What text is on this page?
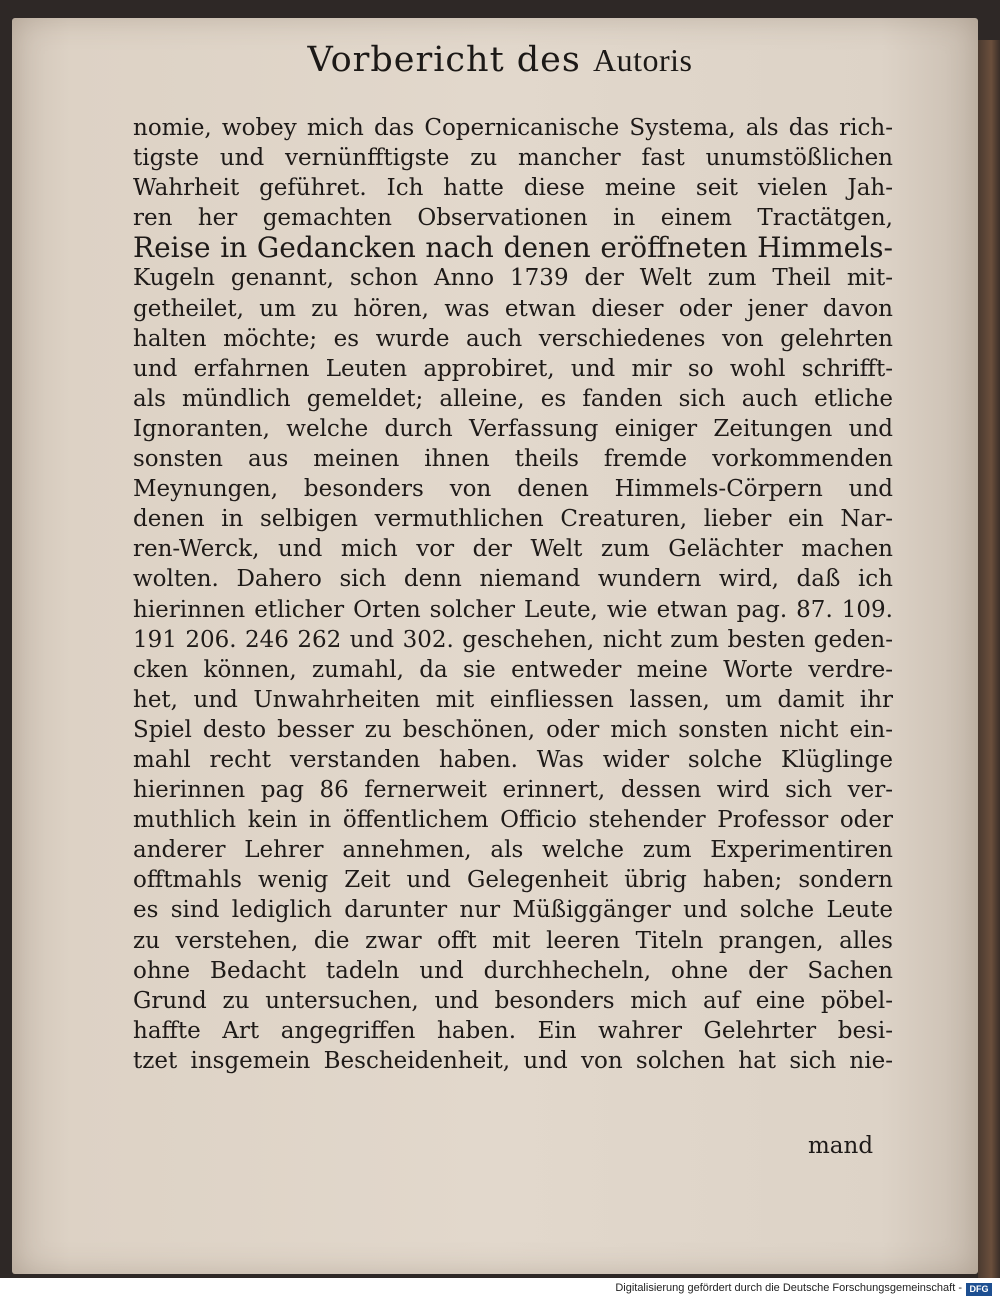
Vorbericht des Autoris
nomie, wobey mich das Copernicanische Systema, als das rich-
tigste und vernünfftigste zu mancher fast unumstößlichen
Wahrheit geführet. Ich hatte diese meine seit vielen Jah-
ren her gemachten Observationen in einem Tractätgen,
Reise in Gedancken nach denen eröffneten Himmels-
Kugeln genannt, schon Anno 1739 der Welt zum Theil mit-
getheilet, um zu hören, was etwan dieser oder jener davon
halten möchte; es wurde auch verschiedenes von gelehrten
und erfahrnen Leuten approbiret, und mir so wohl schrifft-
als mündlich gemeldet; alleine, es fanden sich auch etliche
Ignoranten, welche durch Verfassung einiger Zeitungen und
sonsten aus meinen ihnen theils fremde vorkommenden
Meynungen, besonders von denen Himmels-Cörpern und
denen in selbigen vermuthlichen Creaturen, lieber ein Nar-
ren-Werck, und mich vor der Welt zum Gelächter machen
wolten. Dahero sich denn niemand wundern wird, daß ich
hierinnen etlicher Orten solcher Leute, wie etwan pag. 87. 109.
191 206. 246 262 und 302. geschehen, nicht zum besten geden-
cken können, zumahl, da sie entweder meine Worte verdre-
het, und Unwahrheiten mit einfliessen lassen, um damit ihr
Spiel desto besser zu beschönen, oder mich sonsten nicht ein-
mahl recht verstanden haben. Was wider solche Klüglinge
hierinnen pag 86 fernerweit erinnert, dessen wird sich ver-
muthlich kein in öffentlichem Officio stehender Professor oder
anderer Lehrer annehmen, als welche zum Experimentiren
offtmahls wenig Zeit und Gelegenheit übrig haben; sondern
es sind lediglich darunter nur Müßiggänger und solche Leute
zu verstehen, die zwar offt mit leeren Titeln prangen, alles
ohne Bedacht tadeln und durchhecheln, ohne der Sachen
Grund zu untersuchen, und besonders mich auf eine pöbel-
haffte Art angegriffen haben. Ein wahrer Gelehrter besi-
tzet insgemein Bescheidenheit, und von solchen hat sich nie-
mand
Digitalisierung gefördert durch die Deutsche Forschungsgemeinschaft - DFG
